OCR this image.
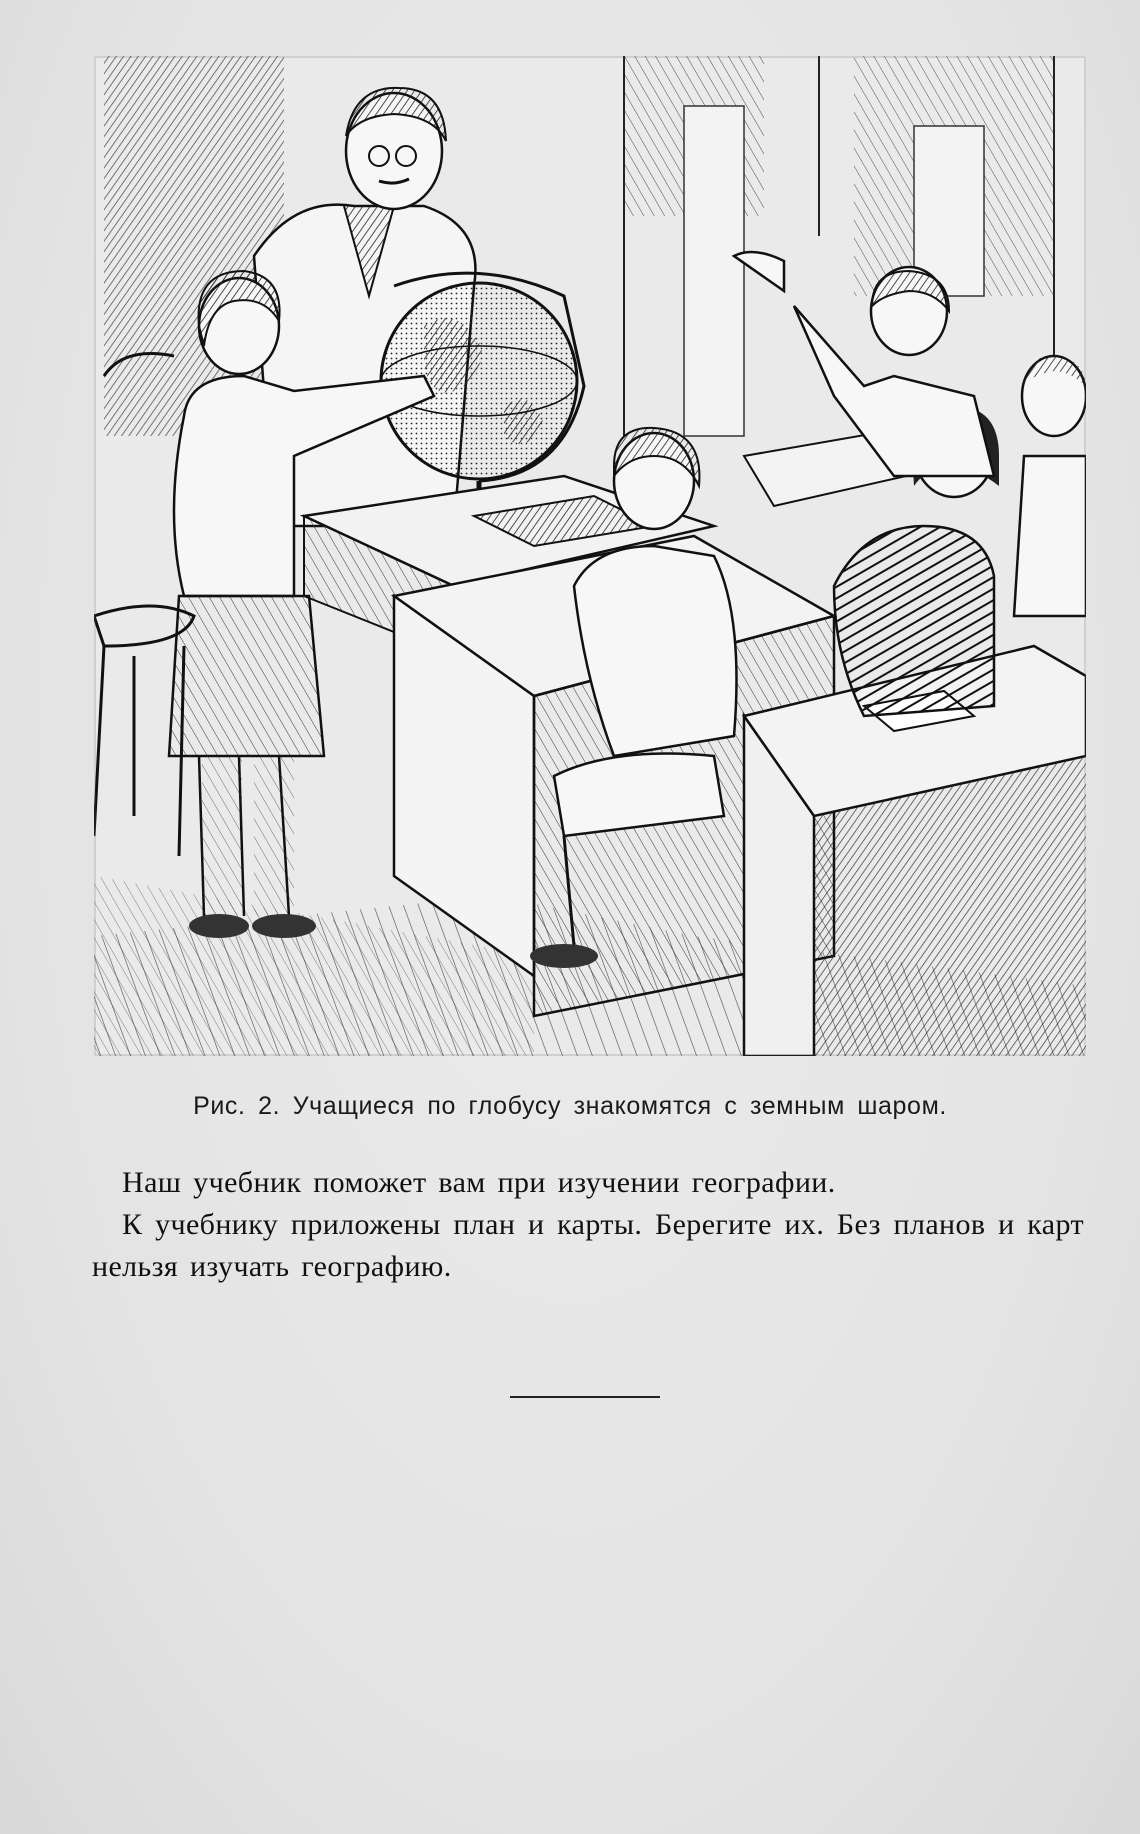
Рис. 2. Учащиеся по глобусу знакомятся с земным шаром.

Наш учебник поможет вам при изучении географии.

К учебнику приложены план и карты. Берегите их. Без планов и карт нельзя изучать географию.
